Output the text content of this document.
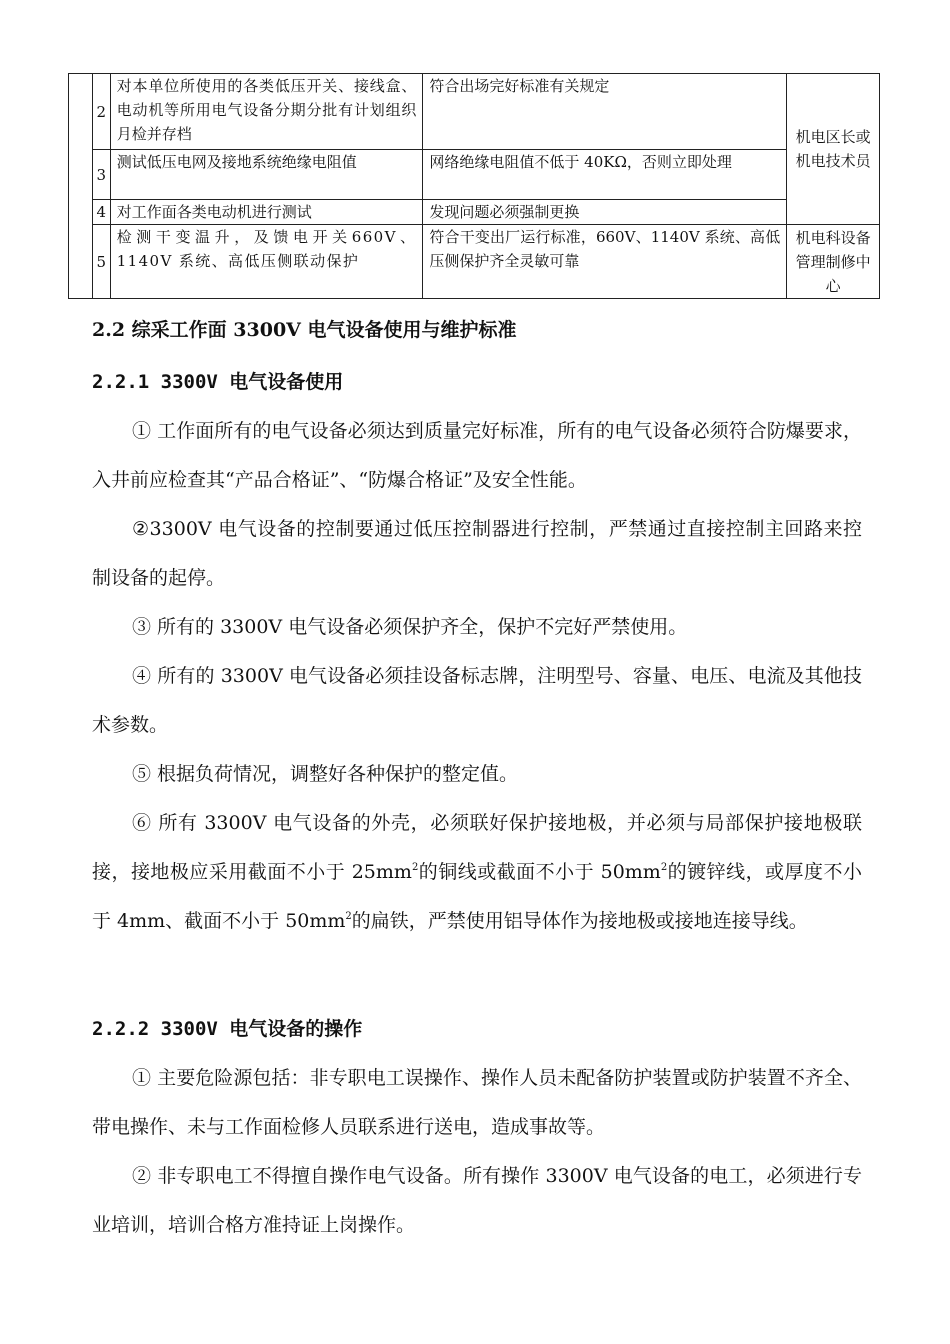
	2	对本单位所使用的各类低压开关、接线盒、电动机等所用电气设备分期分批有计划组织月检并存档	符合出场完好标准有关规定	机电区长或机电技术员
	3	测试低压电网及接地系统绝缘电阻值	网络绝缘电阻值不低于 40KΩ，否则立即处理	
	4	对工作面各类电动机进行测试	发现问题必须强制更换	
	5	检测干变温升，及馈电开关660V、1140V 系统、高低压侧联动保护	符合干变出厂运行标准，660V、1140V 系统、高低压侧保护齐全灵敏可靠	机电科设备管理制修中心
2.2 综采工作面 3300V 电气设备使用与维护标准
2.2.1 3300V 电气设备使用
① 工作面所有的电气设备必须达到质量完好标准，所有的电气设备必须符合防爆要求，入井前应检查其“产品合格证”、“防爆合格证”及安全性能。
②3300V 电气设备的控制要通过低压控制器进行控制，严禁通过直接控制主回路来控制设备的起停。
③ 所有的 3300V 电气设备必须保护齐全，保护不完好严禁使用。
④ 所有的 3300V 电气设备必须挂设备标志牌，注明型号、容量、电压、电流及其他技术参数。
⑤ 根据负荷情况，调整好各种保护的整定值。
⑥ 所有 3300V 电气设备的外壳，必须联好保护接地极，并必须与局部保护接地极联接，接地极应采用截面不小于 $25mm^2$的铜线或截面不小于 $50mm^2$的镀锌线，或厚度不小于 4mm、截面不小于 $50mm^2$的扁铁，严禁使用铝导体作为接地极或接地连接导线。
2.2.2 3300V 电气设备的操作
① 主要危险源包括：非专职电工误操作、操作人员未配备防护装置或防护装置不齐全、带电操作、未与工作面检修人员联系进行送电，造成事故等。
② 非专职电工不得擅自操作电气设备。所有操作 3300V 电气设备的电工，必须进行专业培训，培训合格方准持证上岗操作。
